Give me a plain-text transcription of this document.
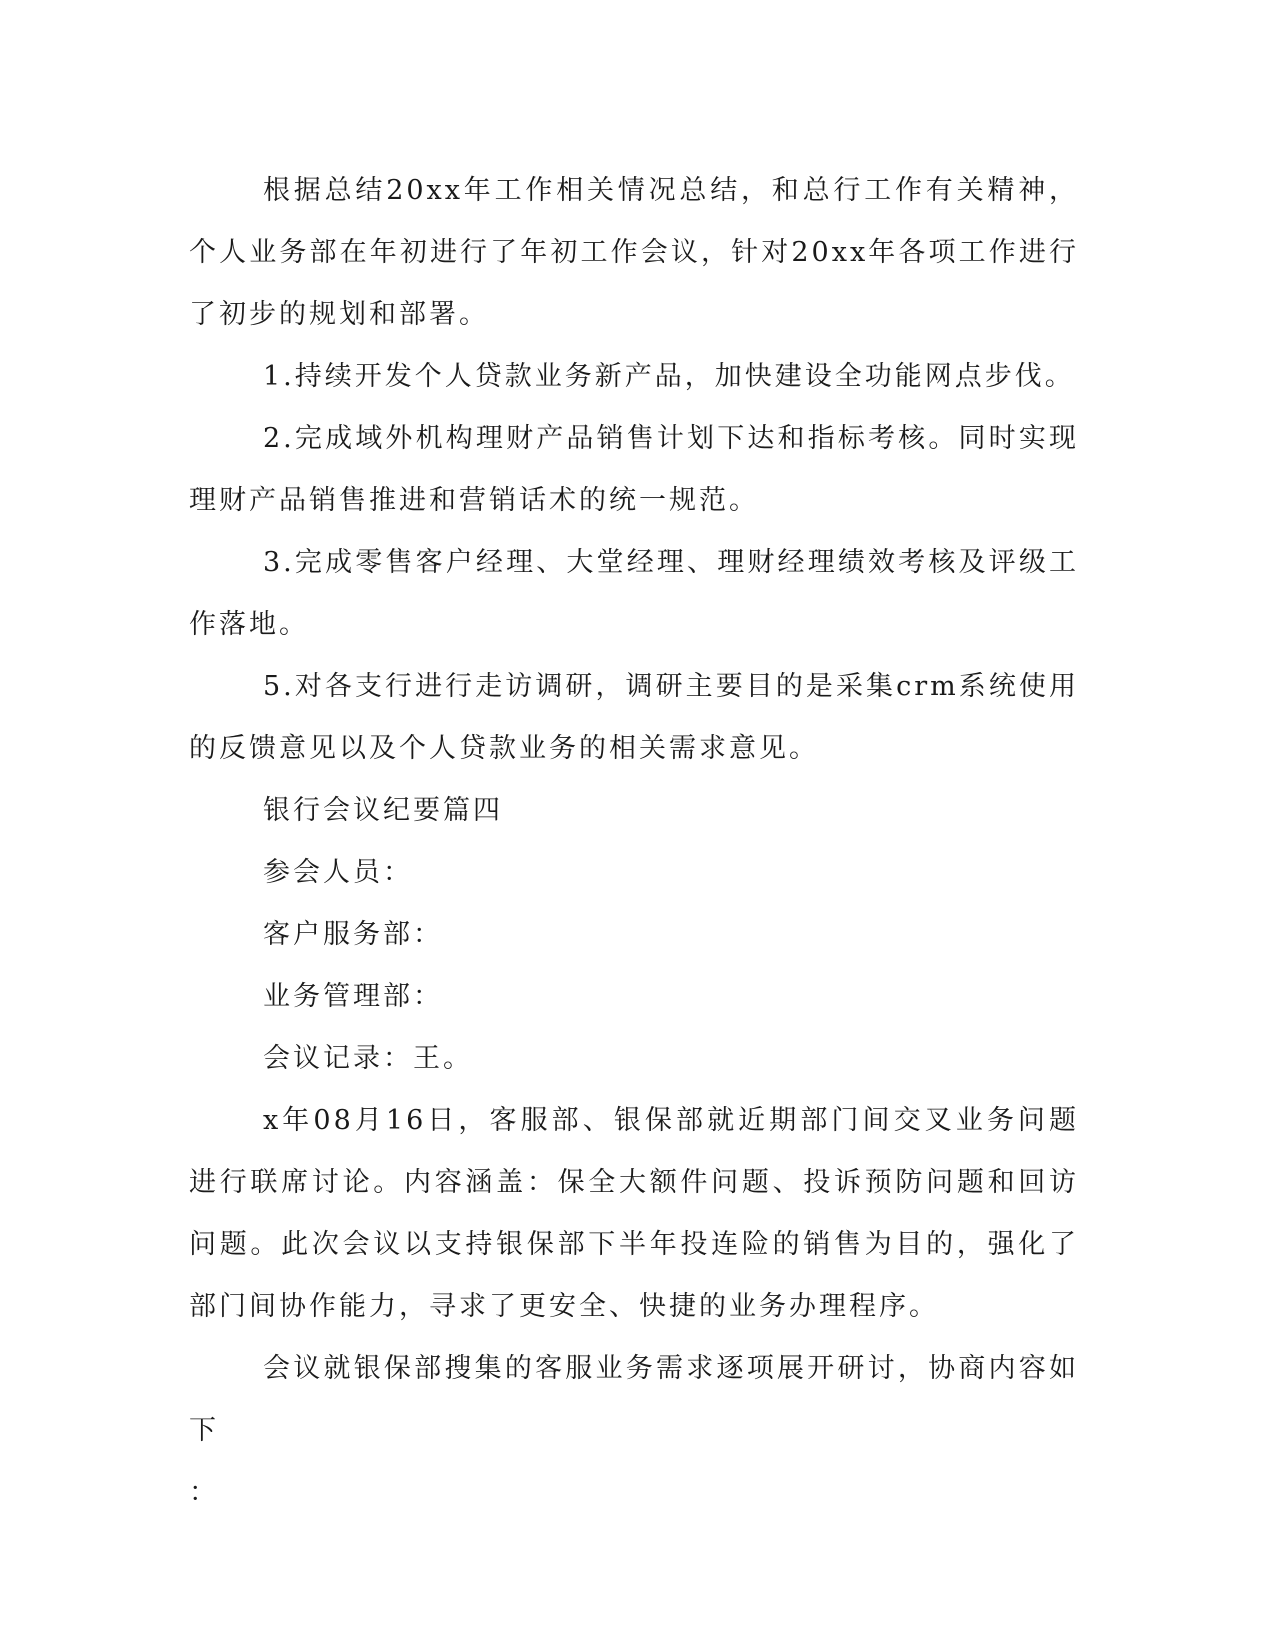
根据总结20xx年工作相关情况总结，和总行工作有关精神，个人业务部在年初进行了年初工作会议，针对20xx年各项工作进行了初步的规划和部署。

1.持续开发个人贷款业务新产品，加快建设全功能网点步伐。

2.完成域外机构理财产品销售计划下达和指标考核。同时实现理财产品销售推进和营销话术的统一规范。

3.完成零售客户经理、大堂经理、理财经理绩效考核及评级工作落地。

5.对各支行进行走访调研，调研主要目的是采集crm系统使用的反馈意见以及个人贷款业务的相关需求意见。

银行会议纪要篇四

参会人员：

客户服务部：

业务管理部：

会议记录：王。

x年08月16日，客服部、银保部就近期部门间交叉业务问题进行联席讨论。内容涵盖：保全大额件问题、投诉预防问题和回访问题。此次会议以支持银保部下半年投连险的销售为目的，强化了部门间协作能力，寻求了更安全、快捷的业务办理程序。

会议就银保部搜集的客服业务需求逐项展开研讨，协商内容如下

：
